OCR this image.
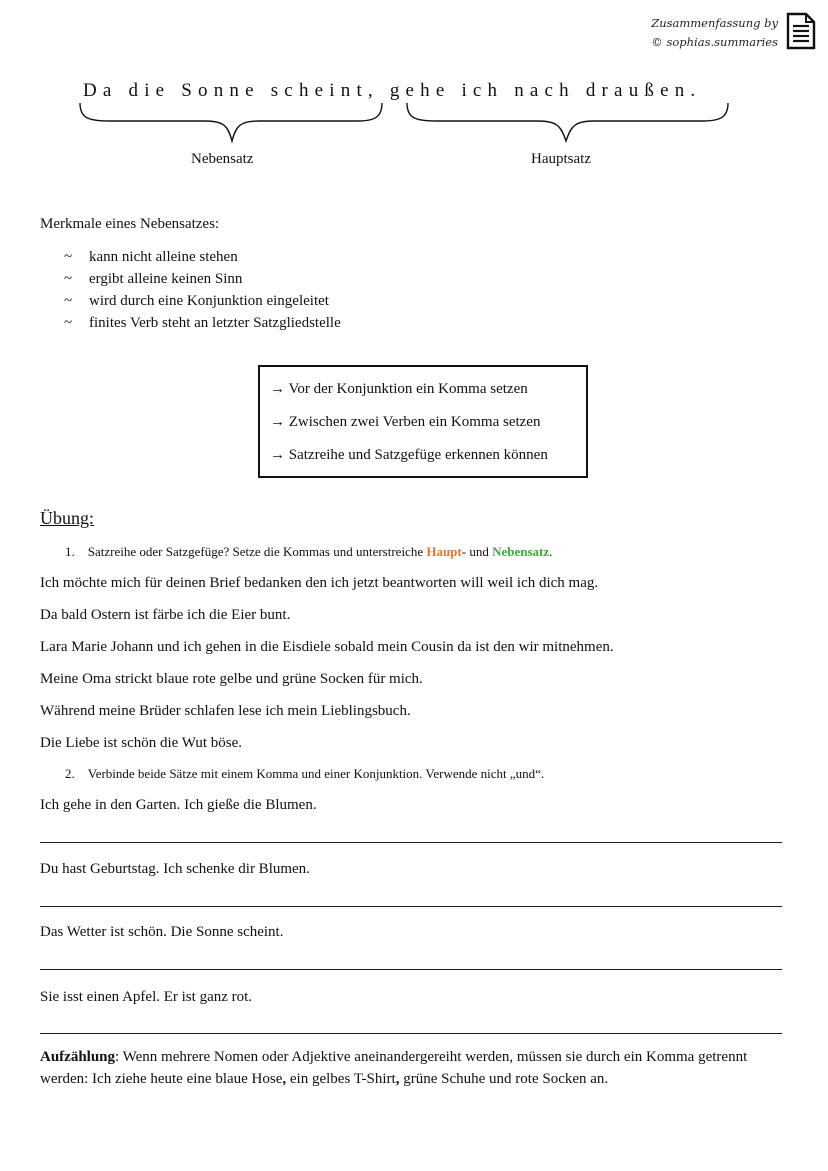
Zusammenfassung by
© sophias.summaries
Da die Sonne scheint, gehe ich nach draußen.
Nebensatz	Hauptsatz
Merkmale eines Nebensatzes:
~ kann nicht alleine stehen
~ ergibt alleine keinen Sinn
~ wird durch eine Konjunktion eingeleitet
~ finites Verb steht an letzter Satzgliedstelle
→ Vor der Konjunktion ein Komma setzen
→ Zwischen zwei Verben ein Komma setzen
→ Satzreihe und Satzgefüge erkennen können
Übung:
1. Satzreihe oder Satzgefüge? Setze die Kommas und unterstreiche Haupt- und Nebensatz.
Ich möchte mich für deinen Brief bedanken den ich jetzt beantworten will weil ich dich mag.
Da bald Ostern ist färbe ich die Eier bunt.
Lara Marie Johann und ich gehen in die Eisdiele sobald mein Cousin da ist den wir mitnehmen.
Meine Oma strickt blaue rote gelbe und grüne Socken für mich.
Während meine Brüder schlafen lese ich mein Lieblingsbuch.
Die Liebe ist schön die Wut böse.
2. Verbinde beide Sätze mit einem Komma und einer Konjunktion. Verwende nicht „und“.
Ich gehe in den Garten. Ich gieße die Blumen.
Du hast Geburtstag. Ich schenke dir Blumen.
Das Wetter ist schön. Die Sonne scheint.
Sie isst einen Apfel. Er ist ganz rot.
Aufzählung: Wenn mehrere Nomen oder Adjektive aneinandergereiht werden, müssen sie durch ein Komma getrennt werden: Ich ziehe heute eine blaue Hose, ein gelbes T-Shirt, grüne Schuhe und rote Socken an.
